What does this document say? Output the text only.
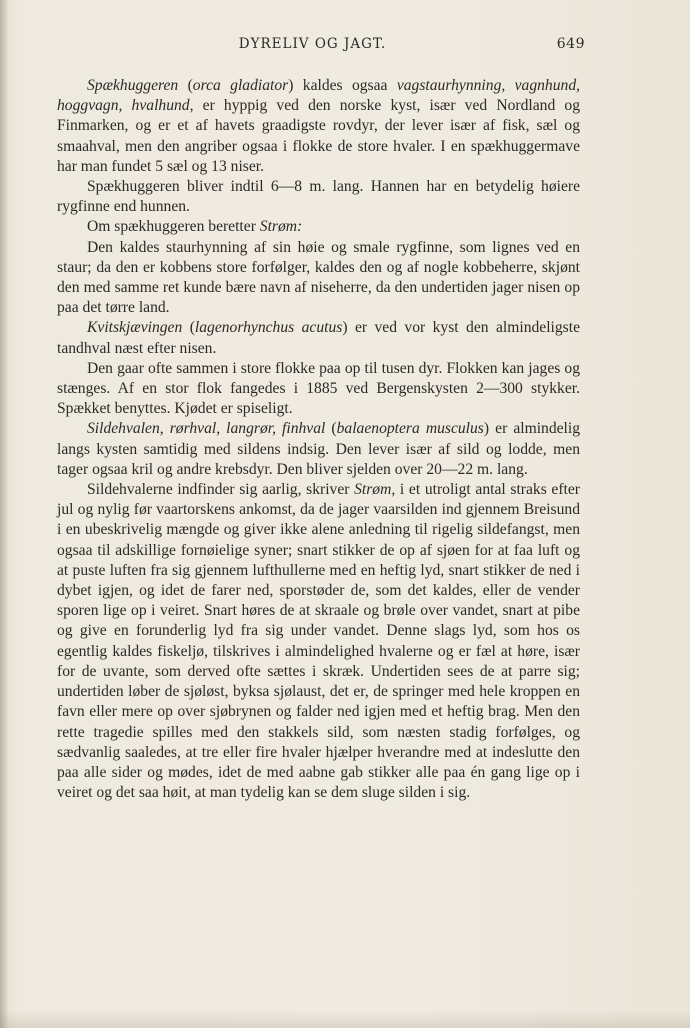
DYRELIV OG JAGT.	649

Spækhuggeren (orca gladiator) kaldes ogsaa vagstaurhynning, vagnhund, hoggvagn, hvalhund, er hyppig ved den norske kyst, især ved Nordland og Finmarken, og er et af havets graadigste rovdyr, der lever især af fisk, sæl og smaahval, men den angriber ogsaa i flokke de store hvaler. I en spækhuggermave har man fundet 5 sæl og 13 niser.

Spækhuggeren bliver indtil 6—8 m. lang. Hannen har en betydelig høiere rygfinne end hunnen.

Om spækhuggeren beretter Strøm:

Den kaldes staurhynning af sin høie og smale rygfinne, som lignes ved en staur; da den er kobbens store forfølger, kaldes den og af nogle kobbeherre, skjønt den med samme ret kunde bære navn af niseherre, da den undertiden jager nisen op paa det tørre land.

Kvitskjævingen (lagenorhynchus acutus) er ved vor kyst den almindeligste tandhval næst efter nisen.

Den gaar ofte sammen i store flokke paa op til tusen dyr. Flokken kan jages og stænges. Af en stor flok fangedes i 1885 ved Bergenskysten 2—300 stykker. Spækket benyttes. Kjødet er spiseligt.

Sildehvalen, rørhval, langrør, finhval (balaenoptera musculus) er almindelig langs kysten samtidig med sildens indsig. Den lever især af sild og lodde, men tager ogsaa kril og andre krebsdyr. Den bliver sjelden over 20—22 m. lang.

Sildehvalerne indfinder sig aarlig, skriver Strøm, i et utroligt antal straks efter jul og nylig før vaartorskens ankomst, da de jager vaarsilden ind gjennem Breisund i en ubeskrivelig mængde og giver ikke alene anledning til rigelig sildefangst, men ogsaa til adskillige fornøielige syner; snart stikker de op af sjøen for at faa luft og at puste luften fra sig gjennem lufthullerne med en heftig lyd, snart stikker de ned i dybet igjen, og idet de farer ned, sporstøder de, som det kaldes, eller de vender sporen lige op i veiret. Snart høres de at skraale og brøle over vandet, snart at pibe og give en forunderlig lyd fra sig under vandet. Denne slags lyd, som hos os egentlig kaldes fiskeljø, tilskrives i almindelighed hvalerne og er fæl at høre, især for de uvante, som derved ofte sættes i skræk. Undertiden sees de at parre sig; undertiden løber de sjøløst, byksa sjølaust, det er, de springer med hele kroppen en favn eller mere op over sjøbrynen og falder ned igjen med et heftig brag. Men den rette tragedie spilles med den stakkels sild, som næsten stadig forfølges, og sædvanlig saaledes, at tre eller fire hvaler hjælper hverandre med at indeslutte den paa alle sider og mødes, idet de med aabne gab stikker alle paa én gang lige op i veiret og det saa høit, at man tydelig kan se dem sluge silden i sig.
